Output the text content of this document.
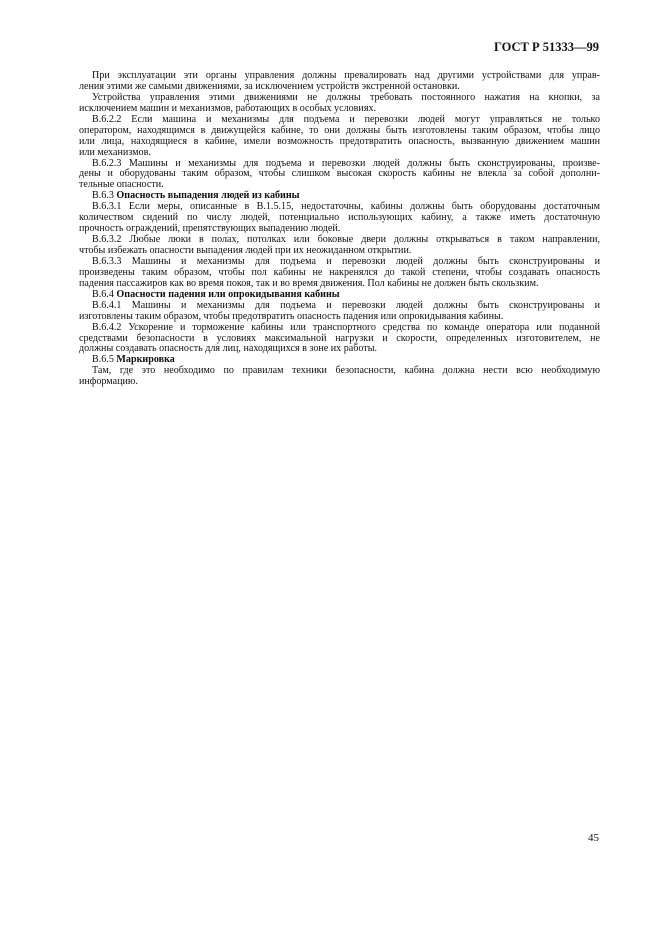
ГОСТ Р 51333—99
При эксплуатации эти органы управления должны превалировать над другими устройствами для управ-
ления этими же самыми движениями, за исключением устройств экстренной остановки.
Устройства управления этими движениями не должны требовать постоянного нажатия на кнопки, за
исключением машин и механизмов, работающих в особых условиях.
В.6.2.2 Если машина и механизмы для подъема и перевозки людей могут управляться не только
оператором, находящимся в движущейся кабине, то они должны быть изготовлены таким образом, чтобы лицо
или лица, находящиеся в кабине, имели возможность предотвратить опасность, вызванную движением машин
или механизмов.
В.6.2.3 Машины и механизмы для подъема и перевозки людей должны быть сконструированы, произве-
дены и оборудованы таким образом, чтобы слишком высокая скорость кабины не влекла за собой дополни-
тельные опасности.
В.6.3 Опасность выпадения людей из кабины
В.6.3.1 Если меры, описанные в В.1.5.15, недостаточны, кабины должны быть оборудованы достаточным
количеством сидений по числу людей, потенциально использующих кабину, а также иметь достаточную
прочность ограждений, препятствующих выпадению людей.
В.6.3.2 Любые люки в полах, потолках или боковые двери должны открываться в таком направлении,
чтобы избежать опасности выпадения людей при их неожиданном открытии.
В.6.3.3 Машины и механизмы для подъема и перевозки людей должны быть сконструированы и
произведены таким образом, чтобы пол кабины не накренялся до такой степени, чтобы создавать опасность
падения пассажиров как во время покоя, так и во время движения. Пол кабины не должен быть скользким.
В.6.4 Опасности падения или опрокидывания кабины
В.6.4.1 Машины и механизмы для подъема и перевозки людей должны быть сконструированы и
изготовлены таким образом, чтобы предотвратить опасность падения или опрокидывания кабины.
В.6.4.2 Ускорение и торможение кабины или транспортного средства по команде оператора или поданной
средствами безопасности в условиях максимальной нагрузки и скорости, определенных изготовителем, не
должны создавать опасность для лиц, находящихся в зоне их работы.
В.6.5 Маркировка
Там, где это необходимо по правилам техники безопасности, кабина должна нести всю необходимую
информацию.
45
